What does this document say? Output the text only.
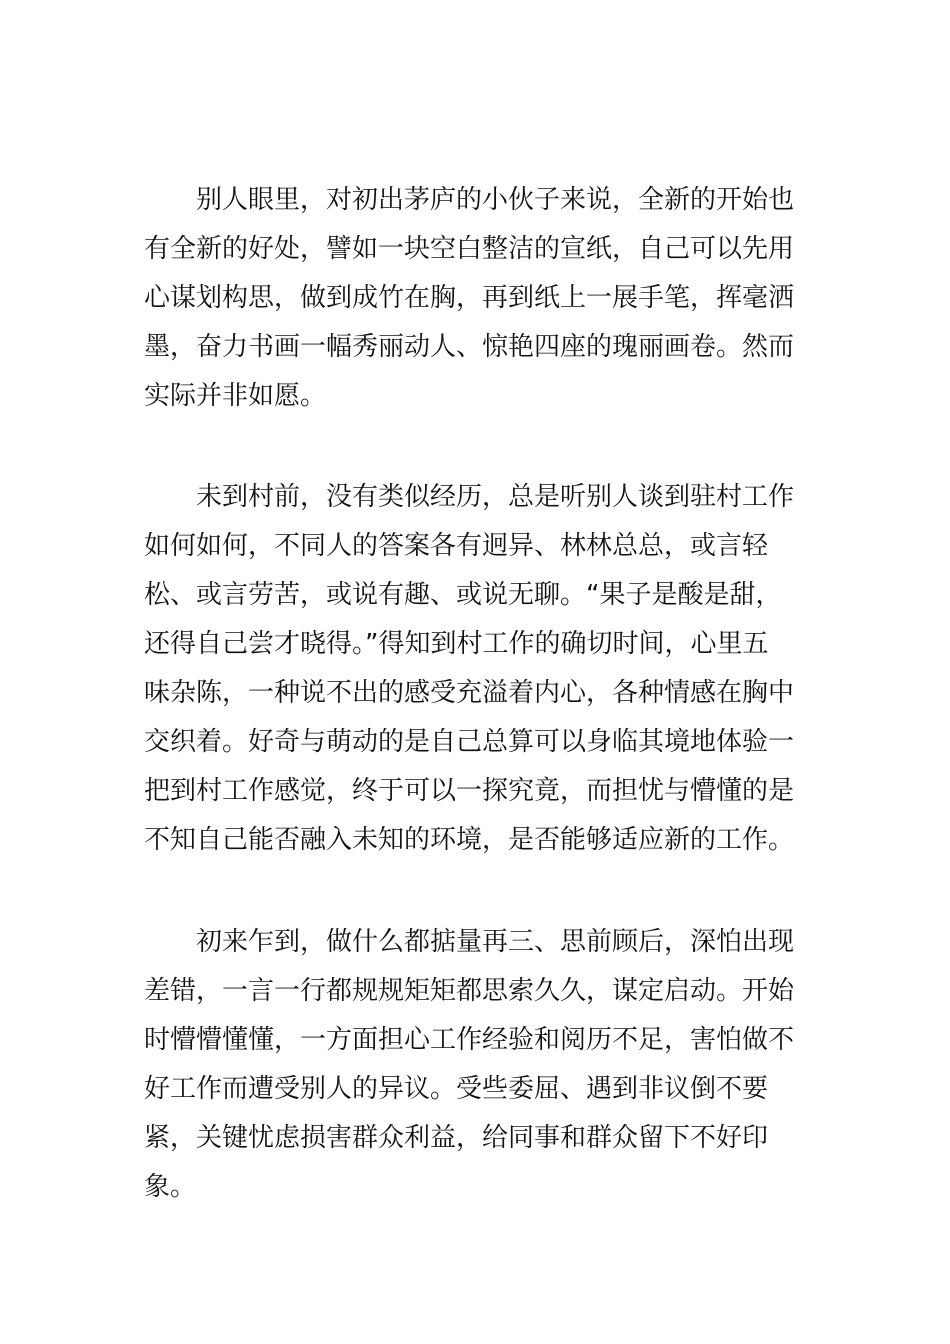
别人眼里，对初出茅庐的小伙子来说，全新的开始也
有全新的好处，譬如一块空白整洁的宣纸，自己可以先用
心谋划构思，做到成竹在胸，再到纸上一展手笔，挥毫洒
墨，奋力书画一幅秀丽动人、惊艳四座的瑰丽画卷。然而
实际并非如愿。
未到村前，没有类似经历，总是听别人谈到驻村工作
如何如何，不同人的答案各有迥异、林林总总，或言轻
松、或言劳苦，或说有趣、或说无聊。“果子是酸是甜，
还得自己尝才晓得。”得知到村工作的确切时间，心里五
味杂陈，一种说不出的感受充溢着内心，各种情感在胸中
交织着。好奇与萌动的是自己总算可以身临其境地体验一
把到村工作感觉，终于可以一探究竟，而担忧与懵懂的是
不知自己能否融入未知的环境，是否能够适应新的工作。
初来乍到，做什么都掂量再三、思前顾后，深怕出现
差错，一言一行都规规矩矩都思索久久，谋定启动。开始
时懵懵懂懂，一方面担心工作经验和阅历不足，害怕做不
好工作而遭受别人的异议。受些委屈、遇到非议倒不要
紧，关键忧虑损害群众利益，给同事和群众留下不好印
象。
